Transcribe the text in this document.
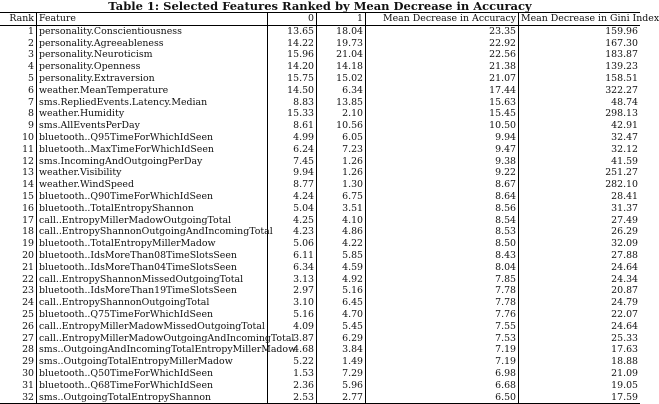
Table 1: Selected Features Ranked by Mean Decrease in Accuracy
Rank	Feature	0	1	Mean Decrease in Accuracy	Mean Decrease in Gini Index
1	personality.Conscientiousness	13.65	18.04	23.35	159.96
2	personality.Agreeableness	14.22	19.73	22.92	167.30
3	personality.Neuroticism	15.96	21.04	22.56	183.87
4	personality.Openness	14.20	14.18	21.38	139.23
5	personality.Extraversion	15.75	15.02	21.07	158.51
6	weather.MeanTemperature	14.50	6.34	17.44	322.27
7	sms.RepliedEvents.Latency.Median	8.83	13.85	15.63	48.74
8	weather.Humidity	15.33	2.10	15.45	298.13
9	sms.AllEventsPerDay	8.61	10.56	10.50	42.91
10	bluetooth..Q95TimeForWhichIdSeen	4.99	6.05	9.94	32.47
11	bluetooth..MaxTimeForWhichIdSeen	6.24	7.23	9.47	32.12
12	sms.IncomingAndOutgoingPerDay	7.45	1.26	9.38	41.59
13	weather.Visibility	9.94	1.26	9.22	251.27
14	weather.WindSpeed	8.77	1.30	8.67	282.10
15	bluetooth..Q90TimeForWhichIdSeen	4.24	6.75	8.64	28.41
16	bluetooth..TotalEntropyShannon	5.04	3.51	8.56	31.37
17	call..EntropyMillerMadowOutgoingTotal	4.25	4.10	8.54	27.49
18	call..EntropyShannonOutgoingAndIncomingTotal	4.23	4.86	8.53	26.29
19	bluetooth..TotalEntropyMillerMadow	5.06	4.22	8.50	32.09
20	bluetooth..IdsMoreThan08TimeSlotsSeen	6.11	5.85	8.43	27.88
21	bluetooth..IdsMoreThan04TimeSlotsSeen	6.34	4.59	8.04	24.64
22	call..EntropyShannonMissedOutgoingTotal	3.13	4.92	7.85	24.34
23	bluetooth..IdsMoreThan19TimeSlotsSeen	2.97	5.16	7.78	20.87
24	call..EntropyShannonOutgoingTotal	3.10	6.45	7.78	24.79
25	bluetooth..Q75TimeForWhichIdSeen	5.16	4.70	7.76	22.07
26	call..EntropyMillerMadowMissedOutgoingTotal	4.09	5.45	7.55	24.64
27	call..EntropyMillerMadowOutgoingAndIncomingTotal	3.87	6.29	7.53	25.33
28	sms..OutgoingAndIncomingTotalEntropyMillerMadow	4.68	3.84	7.19	17.63
29	sms..OutgoingTotalEntropyMillerMadow	5.22	1.49	7.19	18.88
30	bluetooth..Q50TimeForWhichIdSeen	1.53	7.29	6.98	21.09
31	bluetooth..Q68TimeForWhichIdSeen	2.36	5.96	6.68	19.05
32	sms..OutgoingTotalEntropyShannon	2.53	2.77	6.50	17.59
